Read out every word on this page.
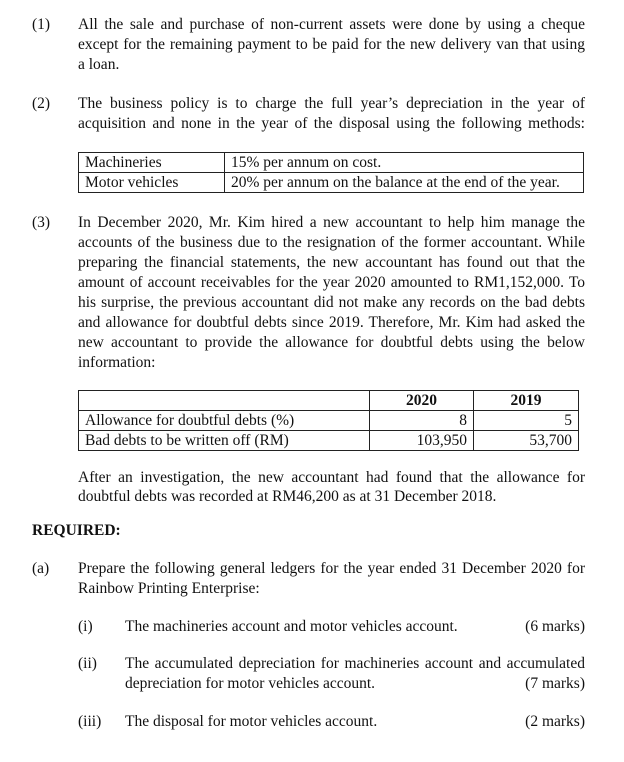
(1) All the sale and purchase of non-current assets were done by using a cheque
except for the remaining payment to be paid for the new delivery van that using
a loan.
(2) The business policy is to charge the full year’s depreciation in the year of
acquisition and none in the year of the disposal using the following methods:
Machineries	15% per annum on cost.
Motor vehicles	20% per annum on the balance at the end of the year.
(3) In December 2020, Mr. Kim hired a new accountant to help him manage the
accounts of the business due to the resignation of the former accountant. While
preparing the financial statements, the new accountant has found out that the
amount of account receivables for the year 2020 amounted to RM1,152,000. To
his surprise, the previous accountant did not make any records on the bad debts
and allowance for doubtful debts since 2019. Therefore, Mr. Kim had asked the
new accountant to provide the allowance for doubtful debts using the below
information:
	2020	2019
Allowance for doubtful debts (%)	8	5
Bad debts to be written off (RM)	103,950	53,700
After an investigation, the new accountant had found that the allowance for
doubtful debts was recorded at RM46,200 as at 31 December 2018.
REQUIRED:
(a) Prepare the following general ledgers for the year ended 31 December 2020 for
Rainbow Printing Enterprise:
(i) The machineries account and motor vehicles account.	(6 marks)
(ii) The accumulated depreciation for machineries account and accumulated
depreciation for motor vehicles account.	(7 marks)
(iii) The disposal for motor vehicles account.	(2 marks)
